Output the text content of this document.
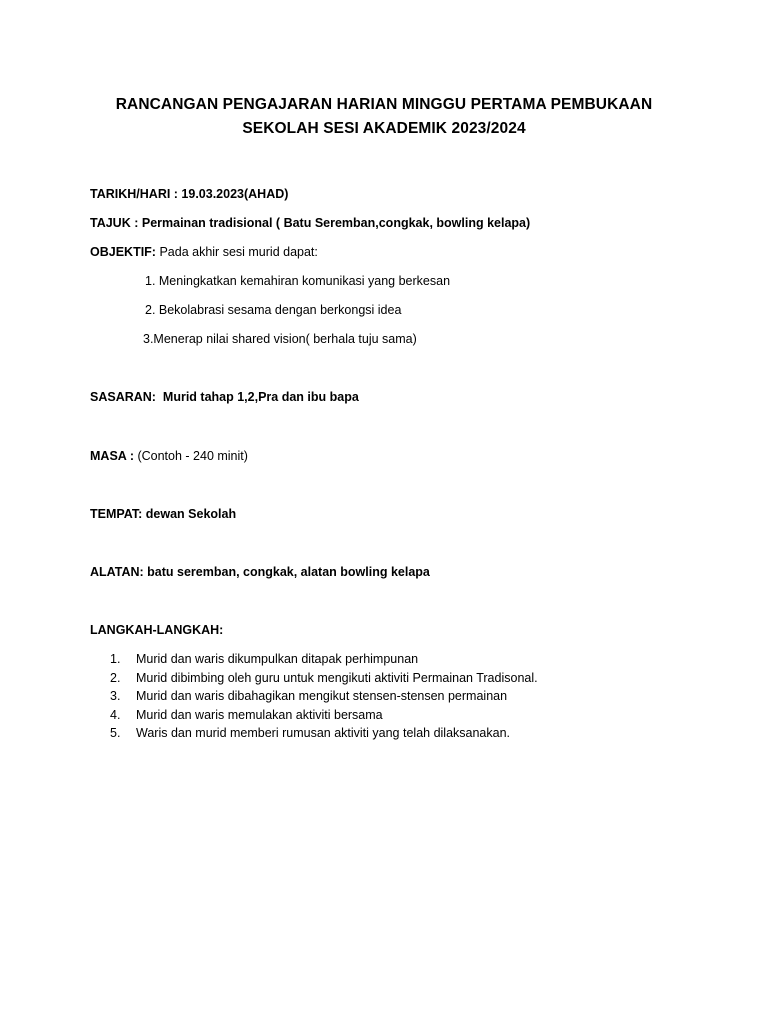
RANCANGAN PENGAJARAN HARIAN MINGGU PERTAMA PEMBUKAAN
SEKOLAH SESI AKADEMIK 2023/2024
TARIKH/HARI : 19.03.2023(AHAD)
TAJUK : Permainan tradisional ( Batu Seremban,congkak, bowling kelapa)
OBJEKTIF: Pada akhir sesi murid dapat:
1. Meningkatkan kemahiran komunikasi yang berkesan
2. Bekolabrasi sesama dengan berkongsi idea
3.Menerap nilai shared vision( berhala tuju sama)
SASARAN:  Murid tahap 1,2,Pra dan ibu bapa
MASA : (Contoh - 240 minit)
TEMPAT: dewan Sekolah
ALATAN: batu seremban, congkak, alatan bowling kelapa
LANGKAH-LANGKAH:
1. Murid dan waris dikumpulkan ditapak perhimpunan
2. Murid dibimbing oleh guru untuk mengikuti aktiviti Permainan Tradisonal.
3. Murid dan waris dibahagikan mengikut stensen-stensen permainan
4. Murid dan waris memulakan aktiviti bersama
5. Waris dan murid memberi rumusan aktiviti yang telah dilaksanakan.
